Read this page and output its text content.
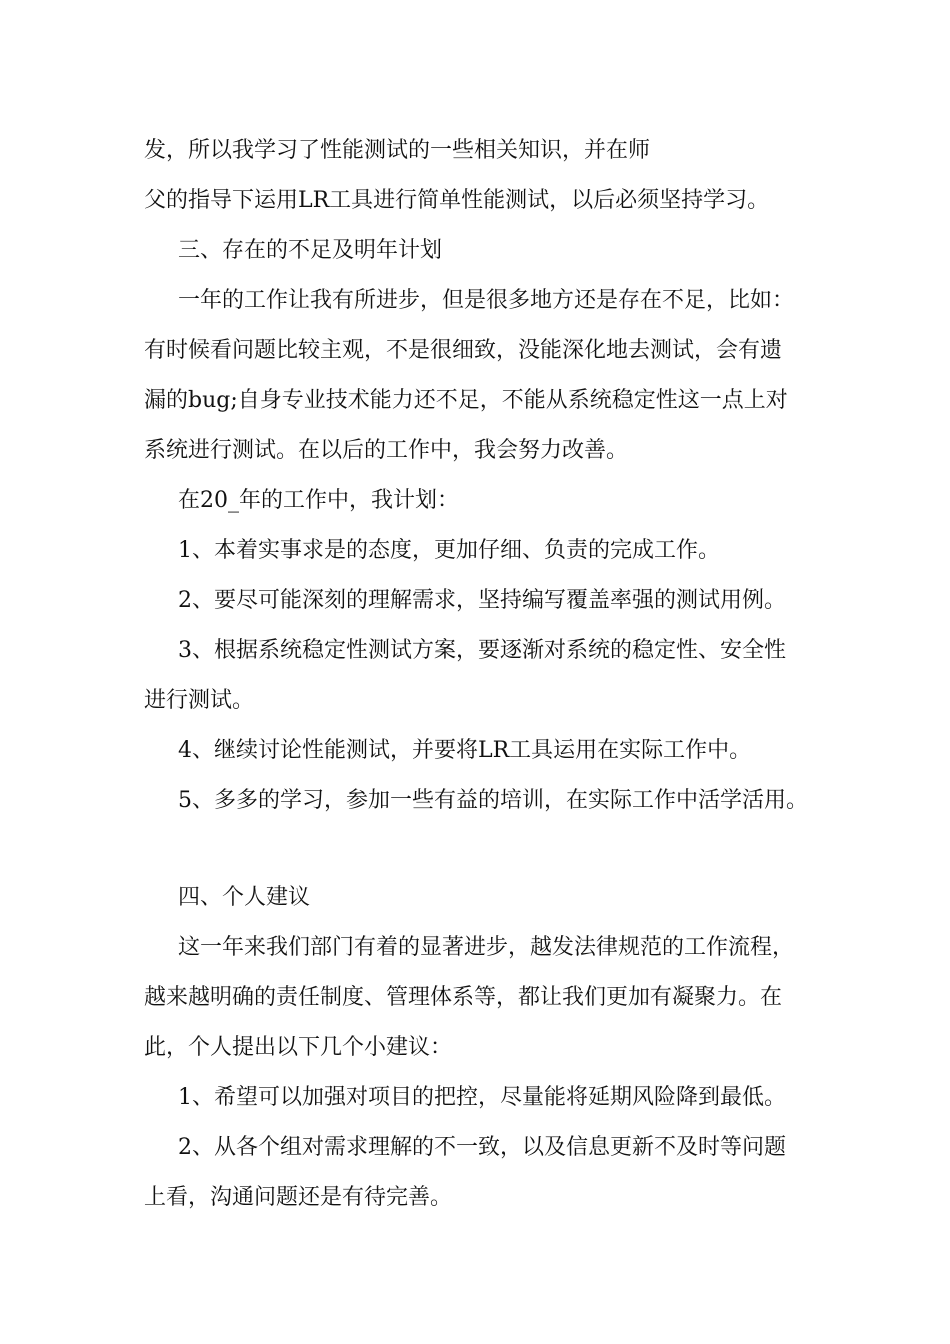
发，所以我学习了性能测试的一些相关知识，并在师
父的指导下运用LR工具进行简单性能测试，以后必须坚持学习。
三、存在的不足及明年计划
一年的工作让我有所进步，但是很多地方还是存在不足，比如：
有时候看问题比较主观，不是很细致，没能深化地去测试，会有遗
漏的bug;自身专业技术能力还不足，不能从系统稳定性这一点上对
系统进行测试。在以后的工作中，我会努力改善。
在20_年的工作中，我计划：
1、本着实事求是的态度，更加仔细、负责的完成工作。
2、要尽可能深刻的理解需求，坚持编写覆盖率强的测试用例。
3、根据系统稳定性测试方案，要逐渐对系统的稳定性、安全性
进行测试。
4、继续讨论性能测试，并要将LR工具运用在实际工作中。
5、多多的学习，参加一些有益的培训，在实际工作中活学活用。
四、个人建议
这一年来我们部门有着的显著进步，越发法律规范的工作流程，
越来越明确的责任制度、管理体系等，都让我们更加有凝聚力。在
此，个人提出以下几个小建议：
1、希望可以加强对项目的把控，尽量能将延期风险降到最低。
2、从各个组对需求理解的不一致，以及信息更新不及时等问题
上看，沟通问题还是有待完善。
